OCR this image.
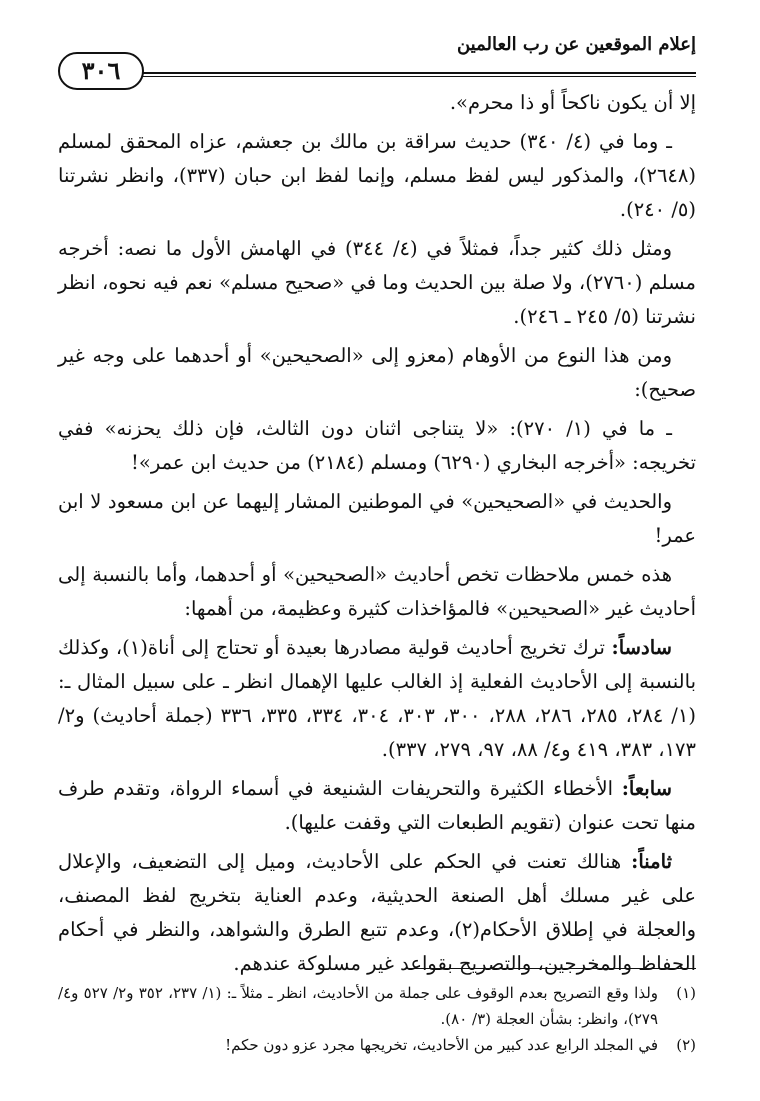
إعلام الموقعين عن رب العالمين
٣٠٦

إلا أن يكون ناكحاً أو ذا محرم».

ـ وما في (٤/ ٣٤٠) حديث سراقة بن مالك بن جعشم، عزاه المحقق لمسلم (٢٦٤٨)، والمذكور ليس لفظ مسلم، وإنما لفظ ابن حبان (٣٣٧)، وانظر نشرتنا (٥/ ٢٤٠).

ومثل ذلك كثير جداً، فمثلاً في (٤/ ٣٤٤) في الهامش الأول ما نصه: أخرجه مسلم (٢٧٦٠)، ولا صلة بين الحديث وما في «صحيح مسلم» نعم فيه نحوه، انظر نشرتنا (٥/ ٢٤٥ ـ ٢٤٦).

ومن هذا النوع من الأوهام (معزو إلى «الصحيحين» أو أحدهما على وجه غير صحيح):

ـ ما في (١/ ٢٧٠): «لا يتناجى اثنان دون الثالث، فإن ذلك يحزنه» ففي تخريجه: «أخرجه البخاري (٦٢٩٠) ومسلم (٢١٨٤) من حديث ابن عمر»!

والحديث في «الصحيحين» في الموطنين المشار إليهما عن ابن مسعود لا ابن عمر!

هذه خمس ملاحظات تخص أحاديث «الصحيحين» أو أحدهما، وأما بالنسبة إلى أحاديث غير «الصحيحين» فالمؤاخذات كثيرة وعظيمة، من أهمها:

سادساً: ترك تخريج أحاديث قولية مصادرها بعيدة أو تحتاج إلى أناة(١)، وكذلك بالنسبة إلى الأحاديث الفعلية إذ الغالب عليها الإهمال انظر ـ على سبيل المثال ـ: (١/ ٢٨٤، ٢٨٥، ٢٨٦، ٢٨٨، ٣٠٠، ٣٠٣، ٣٠٤، ٣٣٤، ٣٣٥، ٣٣٦ (جملة أحاديث) و٢/ ١٧٣، ٣٨٣، ٤١٩ و٤/ ٨٨، ٩٧، ٢٧٩، ٣٣٧).

سابعاً: الأخطاء الكثيرة والتحريفات الشنيعة في أسماء الرواة، وتقدم طرف منها تحت عنوان (تقويم الطبعات التي وقفت عليها).

ثامناً: هنالك تعنت في الحكم على الأحاديث، وميل إلى التضعيف، والإعلال على غير مسلك أهل الصنعة الحديثية، وعدم العناية بتخريج لفظ المصنف، والعجلة في إطلاق الأحكام(٢)، وعدم تتبع الطرق والشواهد، والنظر في أحكام الحفاظ والمخرجين، والتصريح بقواعد غير مسلوكة عندهم.

(١)
ولذا وقع التصريح بعدم الوقوف على جملة من الأحاديث، انظر ـ مثلاً ـ: (١/ ٢٣٧، ٣٥٢ و٢/ ٥٢٧ و٤/ ٢٧٩)، وانظر: بشأن العجلة (٣/ ٨٠).
(٢)
في المجلد الرابع عدد كبير من الأحاديث، تخريجها مجرد عزو دون حكم!
